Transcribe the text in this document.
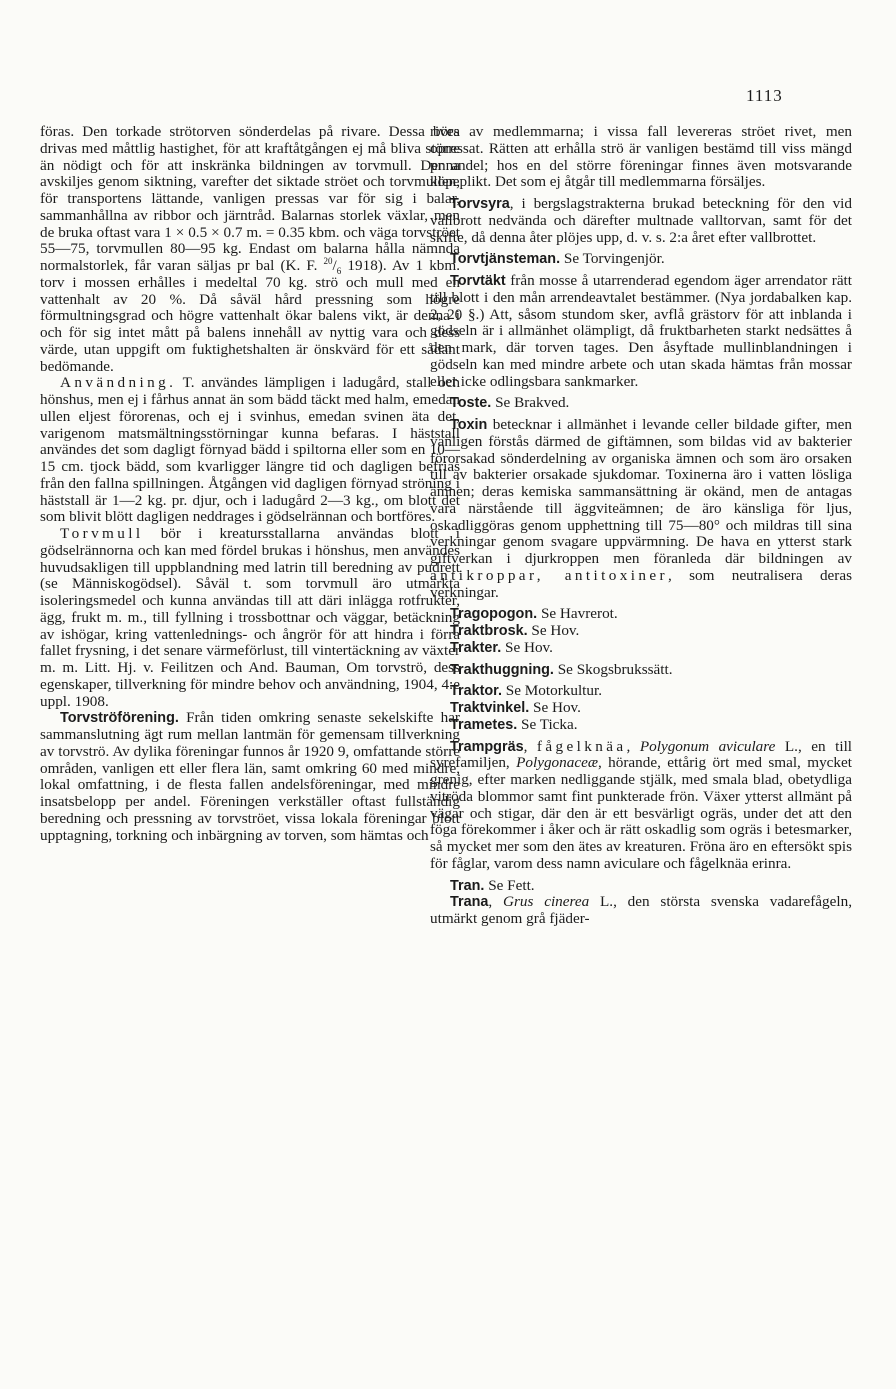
1113

föras. Den torkade strötorven sönderdelas på rivare. Dessa böra drivas med måttlig hastighet, för att kraftåtgången ej må bliva större än nödigt och för att inskränka bildningen av torvmull. Denna avskiljes genom siktning, varefter det siktade ströet och torvmullen, för transportens lättande, vanligen pressas var för sig i balar, sammanhållna av ribbor och järntråd. Balarnas storlek växlar, men de bruka oftast vara 1 × 0.5 × 0.7 m. = 0.35 kbm. och väga torvströet 55—75, torvmullen 80—95 kg. Endast om balarna hålla nämnda normalstorlek, får varan säljas pr bal (K. F. $^{20}/_6$ 1918). Av 1 kbm. torv i mossen erhålles i medeltal 70 kg. strö och mull med en vattenhalt av 20 %. Då såväl hård pressning som högre förmultningsgrad och högre vattenhalt ökar balens vikt, är denna i och för sig intet mått på balens innehåll av nyttig vara och dess värde, utan uppgift om fuktighetshalten är önskvärd för ett sådant bedömande.

Användning. T. användes lämpligen i ladugård, stall och hönshus, men ej i fårhus annat än som bädd täckt med halm, emedan ullen eljest förorenas, och ej i svinhus, emedan svinen äta det, varigenom matsmältningsstörningar kunna befaras. I häststall användes det som dagligt förnyad bädd i spiltorna eller som en 10—15 cm. tjock bädd, som kvarligger längre tid och dagligen befrias från den fallna spillningen. Åtgången vid dagligen förnyad ströning i häststall är 1—2 kg. pr. djur, och i ladugård 2—3 kg., om blott det som blivit blött dagligen neddrages i gödselrännan och bortföres.

Torvmull bör i kreatursstallarna användas blott i gödselrännorna och kan med fördel brukas i hönshus, men användes huvudsakligen till uppblandning med latrin till beredning av pudrett (se Människogödsel). Såväl t. som torvmull äro utmärkta isoleringsmedel och kunna användas till att däri inlägga rotfrukter, ägg, frukt m. m., till fyllning i trossbottnar och väggar, betäckning av ishögar, kring vattenlednings- och ångrör för att hindra i förra fallet frysning, i det senare värmeförlust, till vintertäckning av växter m. m. Litt. Hj. v. Feilitzen och And. Bauman, Om torvströ, dess egenskaper, tillverkning för mindre behov och användning, 1904, 4:e uppl. 1908.

Torvströförening. Från tiden omkring senaste sekelskifte har sammanslutning ägt rum mellan lantmän för gemensam tillverkning av torvströ. Av dylika föreningar funnos år 1920 9, omfattande större områden, vanligen ett eller flera län, samt omkring 60 med mindre, lokal omfattning, i de flesta fallen andelsföreningar, med mindre insatsbelopp per andel. Föreningen verkställer oftast fullständig beredning och pressning av torvströet, vissa lokala föreningar blott upptagning, torkning och inbärgning av torven, som hämtas och

rives av medlemmarna; i vissa fall levereras ströet rivet, men opressat. Rätten att erhålla strö är vanligen bestämd till viss mängd pr andel; hos en del större föreningar finnes även motsvarande köpeplikt. Det som ej åtgår till medlemmarna försäljes.

Torvsyra, i bergslagstrakterna brukad beteckning för den vid vallbrott nedvända och därefter multnade valltorvan, samt för det skifte, då denna åter plöjes upp, d. v. s. 2:a året efter vallbrottet.

Torvtjänsteman. Se Torvingenjör.

Torvtäkt från mosse å utarrenderad egendom äger arrendator rätt till blott i den mån arrendeavtalet bestämmer. (Nya jordabalken kap. 2, 20 §.) Att, såsom stundom sker, avflå grästorv för att inblanda i gödseln är i allmänhet olämpligt, då fruktbarheten starkt nedsättes å den mark, där torven tages. Den åsyftade mullinblandningen i gödseln kan med mindre arbete och utan skada hämtas från mossar eller icke odlingsbara sankmarker.

Toste. Se Brakved.

Toxin betecknar i allmänhet i levande celler bildade gifter, men vanligen förstås därmed de giftämnen, som bildas vid av bakterier förorsakad sönderdelning av organiska ämnen och som äro orsaken till av bakterier orsakade sjukdomar. Toxinerna äro i vatten lösliga ämnen; deras kemiska sammansättning är okänd, men de antagas vara närstående till äggviteämnen; de äro känsliga för ljus, oskadliggöras genom upphettning till 75—80° och mildras till sina verkningar genom svagare uppvärmning. De hava en ytterst stark giftverkan i djurkroppen men föranleda där bildningen av antikroppar, antitoxiner, som neutralisera deras verkningar.

Tragopogon. Se Havrerot.

Traktbrosk. Se Hov.

Trakter. Se Hov.

Trakthuggning. Se Skogsbrukssätt.

Traktor. Se Motorkultur.

Traktvinkel. Se Hov.

Trametes. Se Ticka.

Trampgräs, fågelknäa, Polygonum aviculare L., en till syrefamiljen, Polygonaceæ, hörande, ettårig ört med smal, mycket grenig, efter marken nedliggande stjälk, med smala blad, obetydliga vitröda blommor samt fint punkterade frön. Växer ytterst allmänt på vägar och stigar, där den är ett besvärligt ogräs, under det att den föga förekommer i åker och är rätt oskadlig som ogräs i betesmarker, så mycket mer som den ätes av kreaturen. Fröna äro en eftersökt spis för fåglar, varom dess namn aviculare och fågelknäa erinra.

Tran. Se Fett.

Trana, Grus cinerea L., den största svenska vadarefågeln, utmärkt genom grå fjäder-
